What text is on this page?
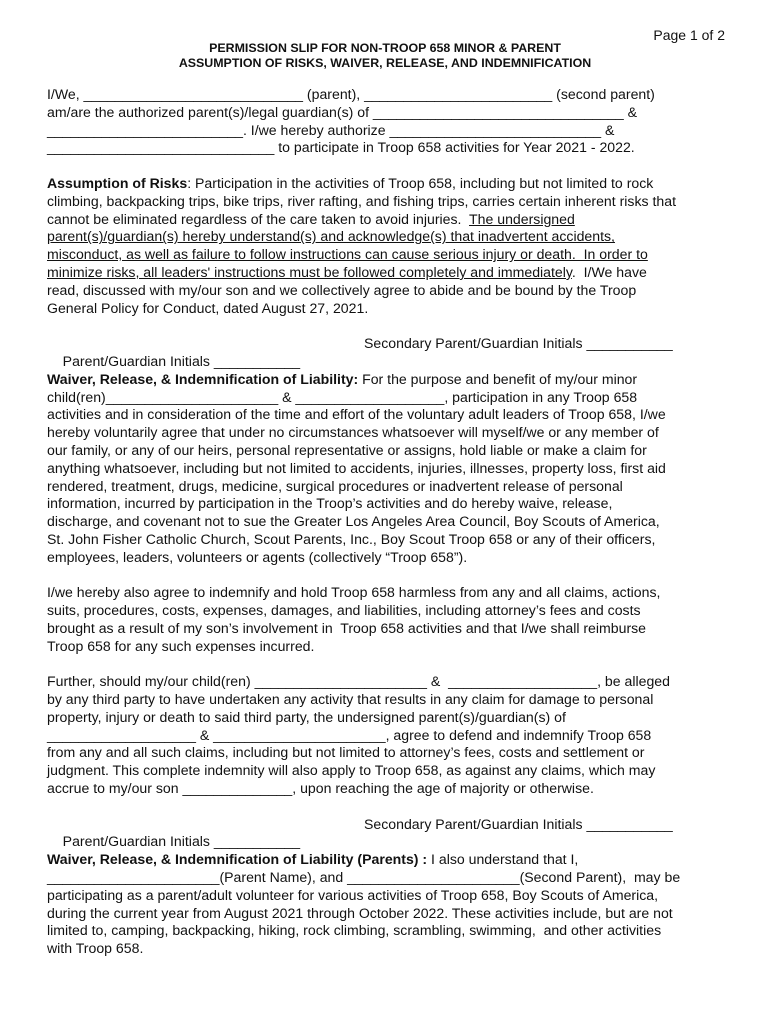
Page 1 of 2
PERMISSION SLIP FOR NON-TROOP 658 MINOR & PARENT
ASSUMPTION OF RISKS, WAIVER, RELEASE, AND INDEMNIFICATION
I/We, ____________________________ (parent), ________________________ (second parent)
am/are the authorized parent(s)/legal guardian(s) of ________________________________ &
_________________________. I/we hereby authorize ___________________________ &
_____________________________ to participate in Troop 658 activities for Year 2021 - 2022.
Assumption of Risks: Participation in the activities of Troop 658, including but not limited to rock
climbing, backpacking trips, bike trips, river rafting, and fishing trips, carries certain inherent risks that
cannot be eliminated regardless of the care taken to avoid injuries.  The undersigned
parent(s)/guardian(s) hereby understand(s) and acknowledge(s) that inadvertent accidents,
misconduct, as well as failure to follow instructions can cause serious injury or death.  In order to
minimize risks, all leaders' instructions must be followed completely and immediately.  I/We have
read, discussed with my/our son and we collectively agree to abide and be bound by the Troop
General Policy for Conduct, dated August 27, 2021.

Parent/Guardian Initials ___________

Secondary Parent/Guardian Initials ___________

Waiver, Release, & Indemnification of Liability: For the purpose and benefit of my/our minor
child(ren)______________________ & ___________________, participation in any Troop 658
activities and in consideration of the time and effort of the voluntary adult leaders of Troop 658, I/we
hereby voluntarily agree that under no circumstances whatsoever will myself/we or any member of
our family, or any of our heirs, personal representative or assigns, hold liable or make a claim for
anything whatsoever, including but not limited to accidents, injuries, illnesses, property loss, first aid
rendered, treatment, drugs, medicine, surgical procedures or inadvertent release of personal
information, incurred by participation in the Troop’s activities and do hereby waive, release,
discharge, and covenant not to sue the Greater Los Angeles Area Council, Boy Scouts of America,
St. John Fisher Catholic Church, Scout Parents, Inc., Boy Scout Troop 658 or any of their officers,
employees, leaders, volunteers or agents (collectively “Troop 658”).
I/we hereby also agree to indemnify and hold Troop 658 harmless from any and all claims, actions,
suits, procedures, costs, expenses, damages, and liabilities, including attorney’s fees and costs
brought as a result of my son’s involvement in  Troop 658 activities and that I/we shall reimburse
Troop 658 for any such expenses incurred.
Further, should my/our child(ren) ______________________ &  ___________________, be alleged
by any third party to have undertaken any activity that results in any claim for damage to personal
property, injury or death to said third party, the undersigned parent(s)/guardian(s) of
___________________ & ______________________, agree to defend and indemnify Troop 658
from any and all such claims, including but not limited to attorney’s fees, costs and settlement or
judgment. This complete indemnity will also apply to Troop 658, as against any claims, which may
accrue to my/our son ______________, upon reaching the age of majority or otherwise.

Parent/Guardian Initials ___________

Secondary Parent/Guardian Initials ___________

Waiver, Release, & Indemnification of Liability (Parents) : I also understand that I,
______________________(Parent Name), and ______________________(Second Parent),  may be
participating as a parent/adult volunteer for various activities of Troop 658, Boy Scouts of America,
during the current year from August 2021 through October 2022. These activities include, but are not
limited to, camping, backpacking, hiking, rock climbing, scrambling, swimming,  and other activities
with Troop 658.
